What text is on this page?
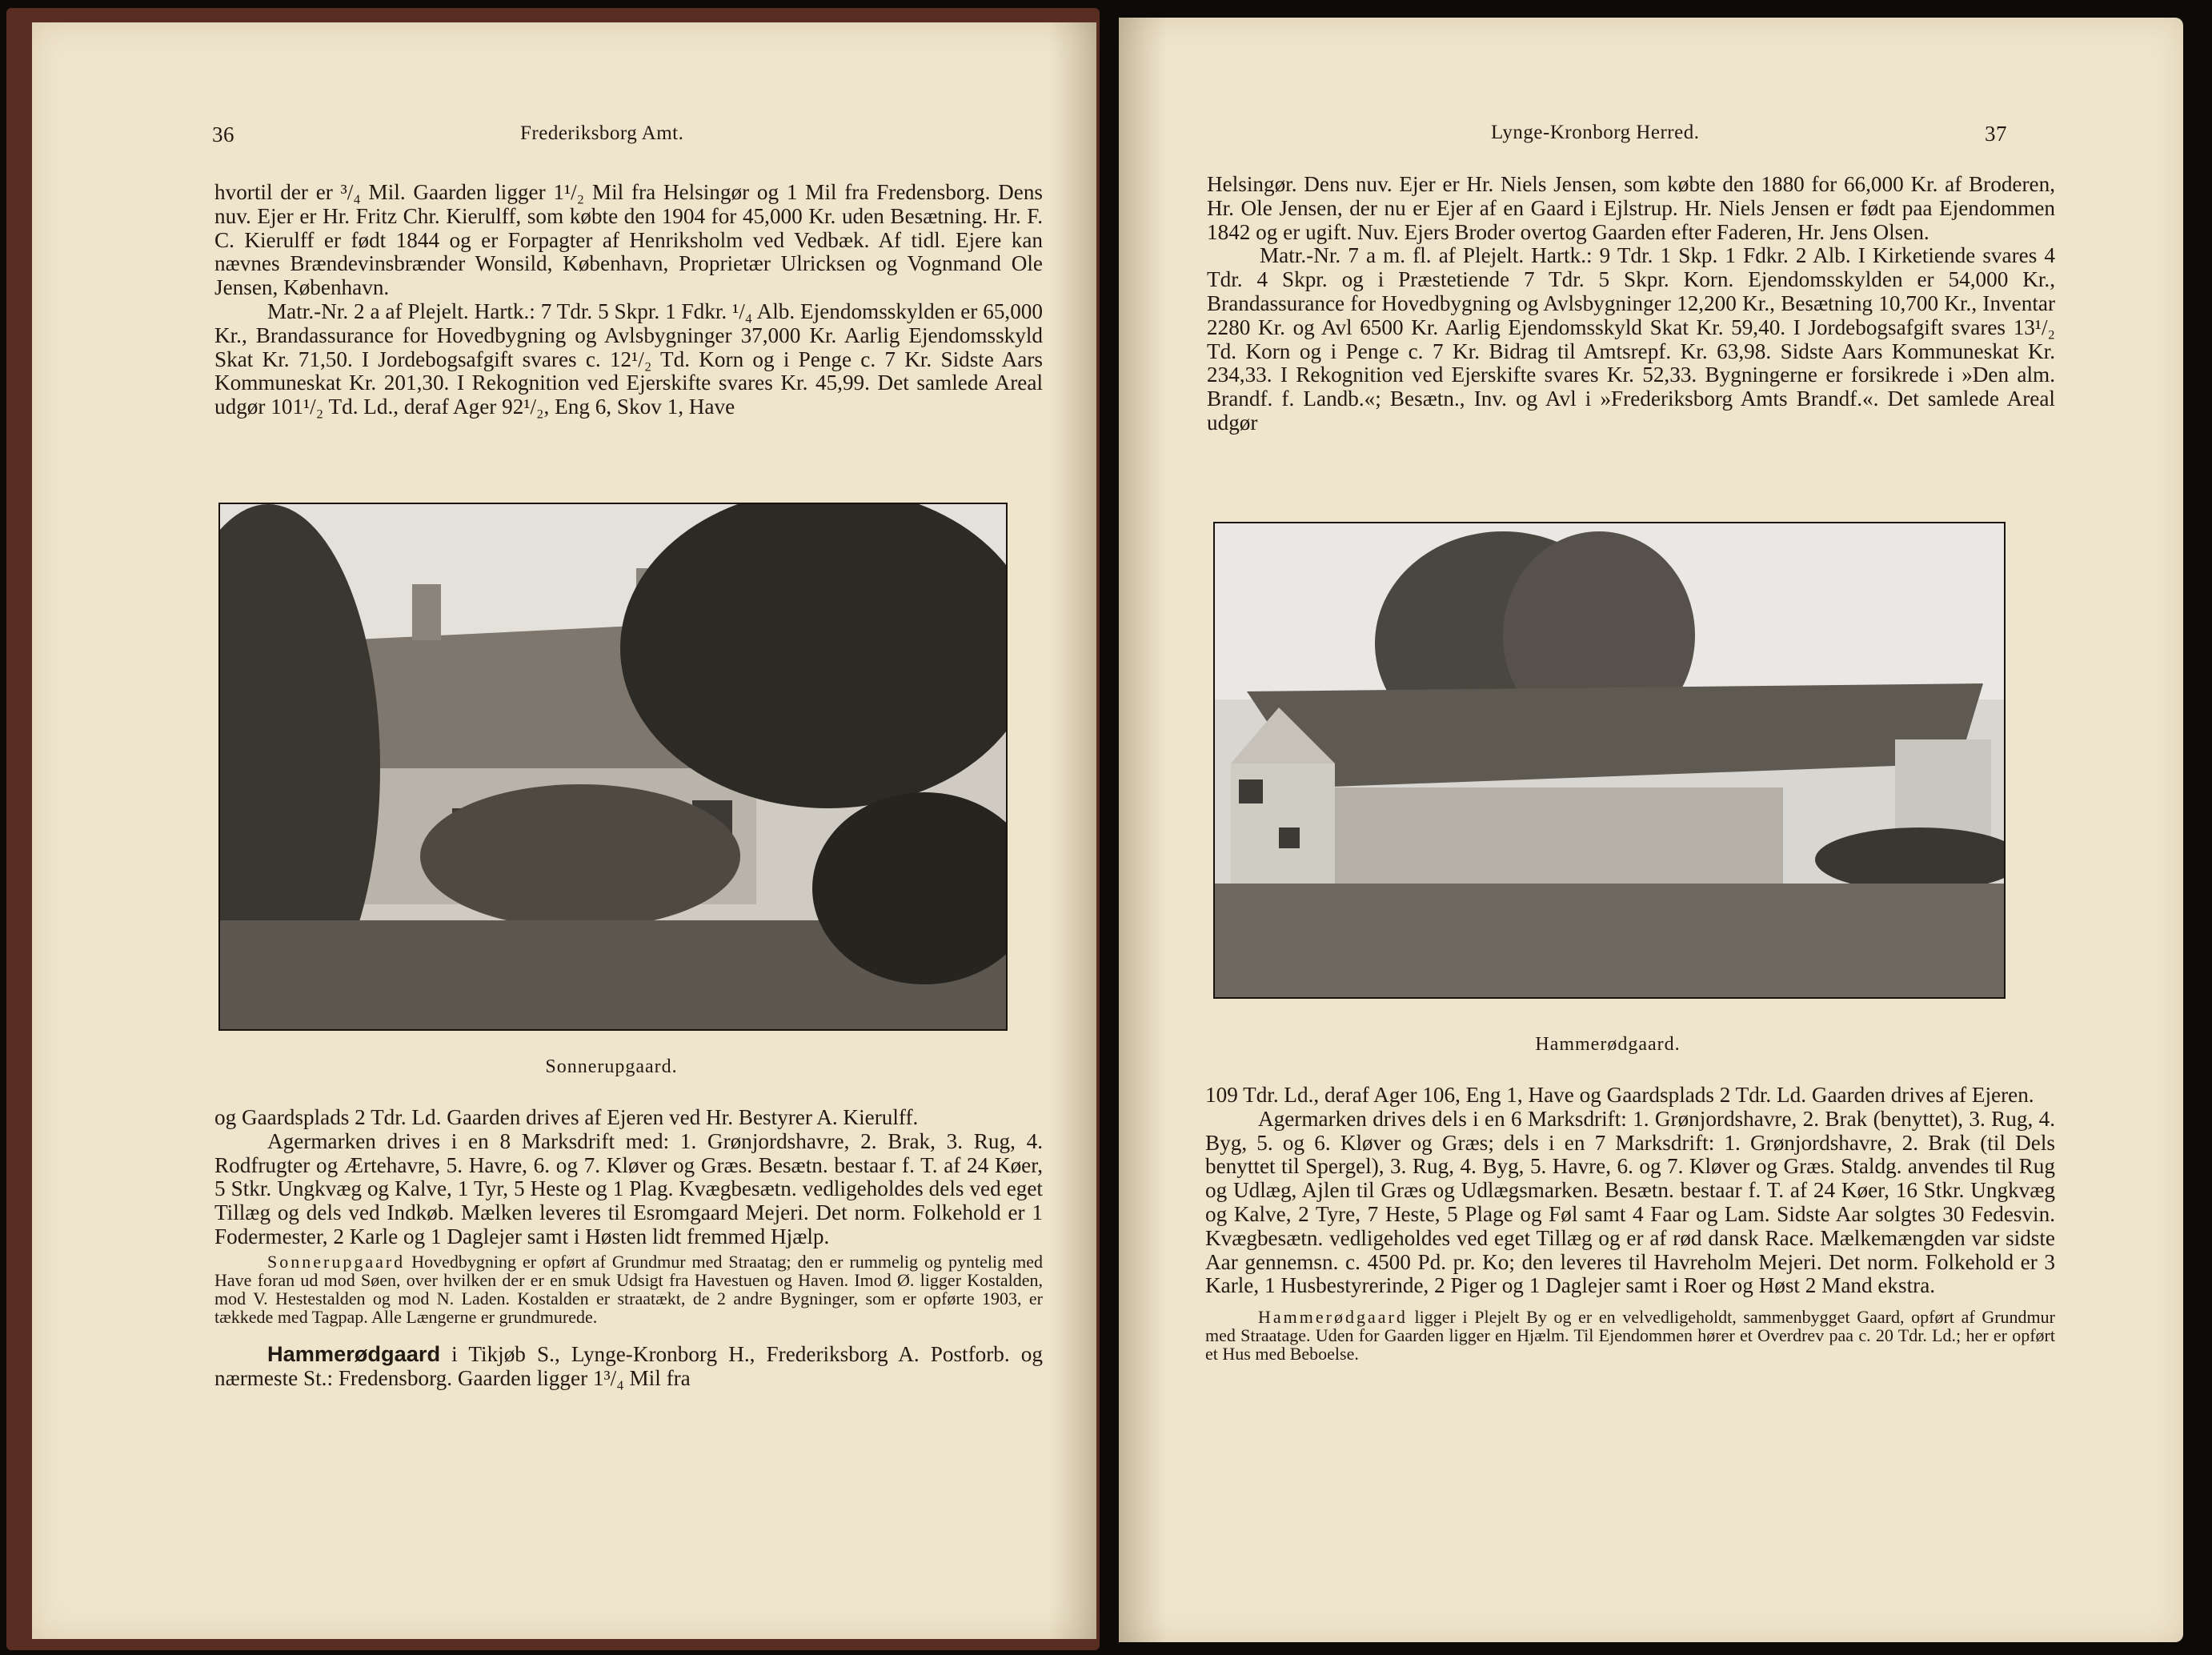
36	Frederiksborg Amt.

hvortil der er ³/₄ Mil. Gaarden ligger 1¹/₂ Mil fra Helsingør og 1 Mil fra Fredensborg. Dens nuv. Ejer er Hr. Fritz Chr. Kierulff, som købte den 1904 for 45,000 Kr. uden Besætning. Hr. F. C. Kierulff er født 1844 og er Forpagter af Henriksholm ved Vedbæk. Af tidl. Ejere kan nævnes Brændevinsbrænder Wonsild, København, Proprietær Ulricksen og Vognmand Ole Jensen, København.

Matr.-Nr. 2 a af Plejelt. Hartk.: 7 Tdr. 5 Skpr. 1 Fdkr. ¹/₄ Alb. Ejendomsskylden er 65,000 Kr., Brandassurance for Hovedbygning og Avlsbygninger 37,000 Kr. Aarlig Ejendomsskyld Skat Kr. 71,50. I Jordebogsafgift svares c. 12¹/₂ Td. Korn og i Penge c. 7 Kr. Sidste Aars Kommuneskat Kr. 201,30. I Rekognition ved Ejerskifte svares Kr. 45,99. Det samlede Areal udgør 101¹/₂ Td. Ld., deraf Ager 92¹/₂, Eng 6, Skov 1, Have

Sonnerupgaard.

og Gaardsplads 2 Tdr. Ld. Gaarden drives af Ejeren ved Hr. Bestyrer A. Kierulff.

Agermarken drives i en 8 Marksdrift med: 1. Grønjordshavre, 2. Brak, 3. Rug, 4. Rodfrugter og Ærtehavre, 5. Havre, 6. og 7. Kløver og Græs. Besætn. bestaar f. T. af 24 Køer, 5 Stkr. Ungkvæg og Kalve, 1 Tyr, 5 Heste og 1 Plag. Kvægbesætn. vedligeholdes dels ved eget Tillæg og dels ved Indkøb. Mælken leveres til Esromgaard Mejeri. Det norm. Folkehold er 1 Fodermester, 2 Karle og 1 Daglejer samt i Høsten lidt fremmed Hjælp.

Sonnerupgaard Hovedbygning er opført af Grundmur med Straatag; den er rummelig og pyntelig med Have foran ud mod Søen, over hvilken der er en smuk Udsigt fra Havestuen og Haven. Imod Ø. ligger Kostalden, mod V. Hestestalden og mod N. Laden. Kostalden er straatækt, de 2 andre Bygninger, som er opførte 1903, er tækkede med Tagpap. Alle Længerne er grundmurede.

Hammerødgaard i Tikjøb S., Lynge-Kronborg H., Frederiksborg A. Postforb. og nærmeste St.: Fredensborg. Gaarden ligger 1³/₄ Mil fra

Lynge-Kronborg Herred.	37

Helsingør. Dens nuv. Ejer er Hr. Niels Jensen, som købte den 1880 for 66,000 Kr. af Broderen, Hr. Ole Jensen, der nu er Ejer af en Gaard i Ejlstrup. Hr. Niels Jensen er født paa Ejendommen 1842 og er ugift. Nuv. Ejers Broder overtog Gaarden efter Faderen, Hr. Jens Olsen.

Matr.-Nr. 7 a m. fl. af Plejelt. Hartk.: 9 Tdr. 1 Skp. 1 Fdkr. 2 Alb. I Kirketiende svares 4 Tdr. 4 Skpr. og i Præstetiende 7 Tdr. 5 Skpr. Korn. Ejendomsskylden er 54,000 Kr., Brandassurance for Hovedbygning og Avlsbygninger 12,200 Kr., Besætning 10,700 Kr., Inventar 2280 Kr. og Avl 6500 Kr. Aarlig Ejendomsskyld Skat Kr. 59,40. I Jordebogsafgift svares 13¹/₂ Td. Korn og i Penge c. 7 Kr. Bidrag til Amtsrepf. Kr. 63,98. Sidste Aars Kommuneskat Kr. 234,33. I Rekognition ved Ejerskifte svares Kr. 52,33. Bygningerne er forsikrede i »Den alm. Brandf. f. Landb.«; Besætn., Inv. og Avl i »Frederiksborg Amts Brandf.«. Det samlede Areal udgør

Hammerødgaard.

109 Tdr. Ld., deraf Ager 106, Eng 1, Have og Gaardsplads 2 Tdr. Ld. Gaarden drives af Ejeren.

Agermarken drives dels i en 6 Marksdrift: 1. Grønjordshavre, 2. Brak (benyttet), 3. Rug, 4. Byg, 5. og 6. Kløver og Græs; dels i en 7 Marksdrift: 1. Grønjordshavre, 2. Brak (til Dels benyttet til Spergel), 3. Rug, 4. Byg, 5. Havre, 6. og 7. Kløver og Græs. Staldg. anvendes til Rug og Udlæg, Ajlen til Græs og Udlægsmarken. Besætn. bestaar f. T. af 24 Køer, 16 Stkr. Ungkvæg og Kalve, 2 Tyre, 7 Heste, 5 Plage og Føl samt 4 Faar og Lam. Sidste Aar solgtes 30 Fedesvin. Kvægbesætn. vedligeholdes ved eget Tillæg og er af rød dansk Race. Mælkemængden var sidste Aar gennemsn. c. 4500 Pd. pr. Ko; den leveres til Havreholm Mejeri. Det norm. Folkehold er 3 Karle, 1 Husbestyrerinde, 2 Piger og 1 Daglejer samt i Roer og Høst 2 Mand ekstra.

Hammerødgaard ligger i Plejelt By og er en velvedligeholdt, sammenbygget Gaard, opført af Grundmur med Straatage. Uden for Gaarden ligger en Hjælm. Til Ejendommen hører et Overdrev paa c. 20 Tdr. Ld.; her er opført et Hus med Beboelse.
